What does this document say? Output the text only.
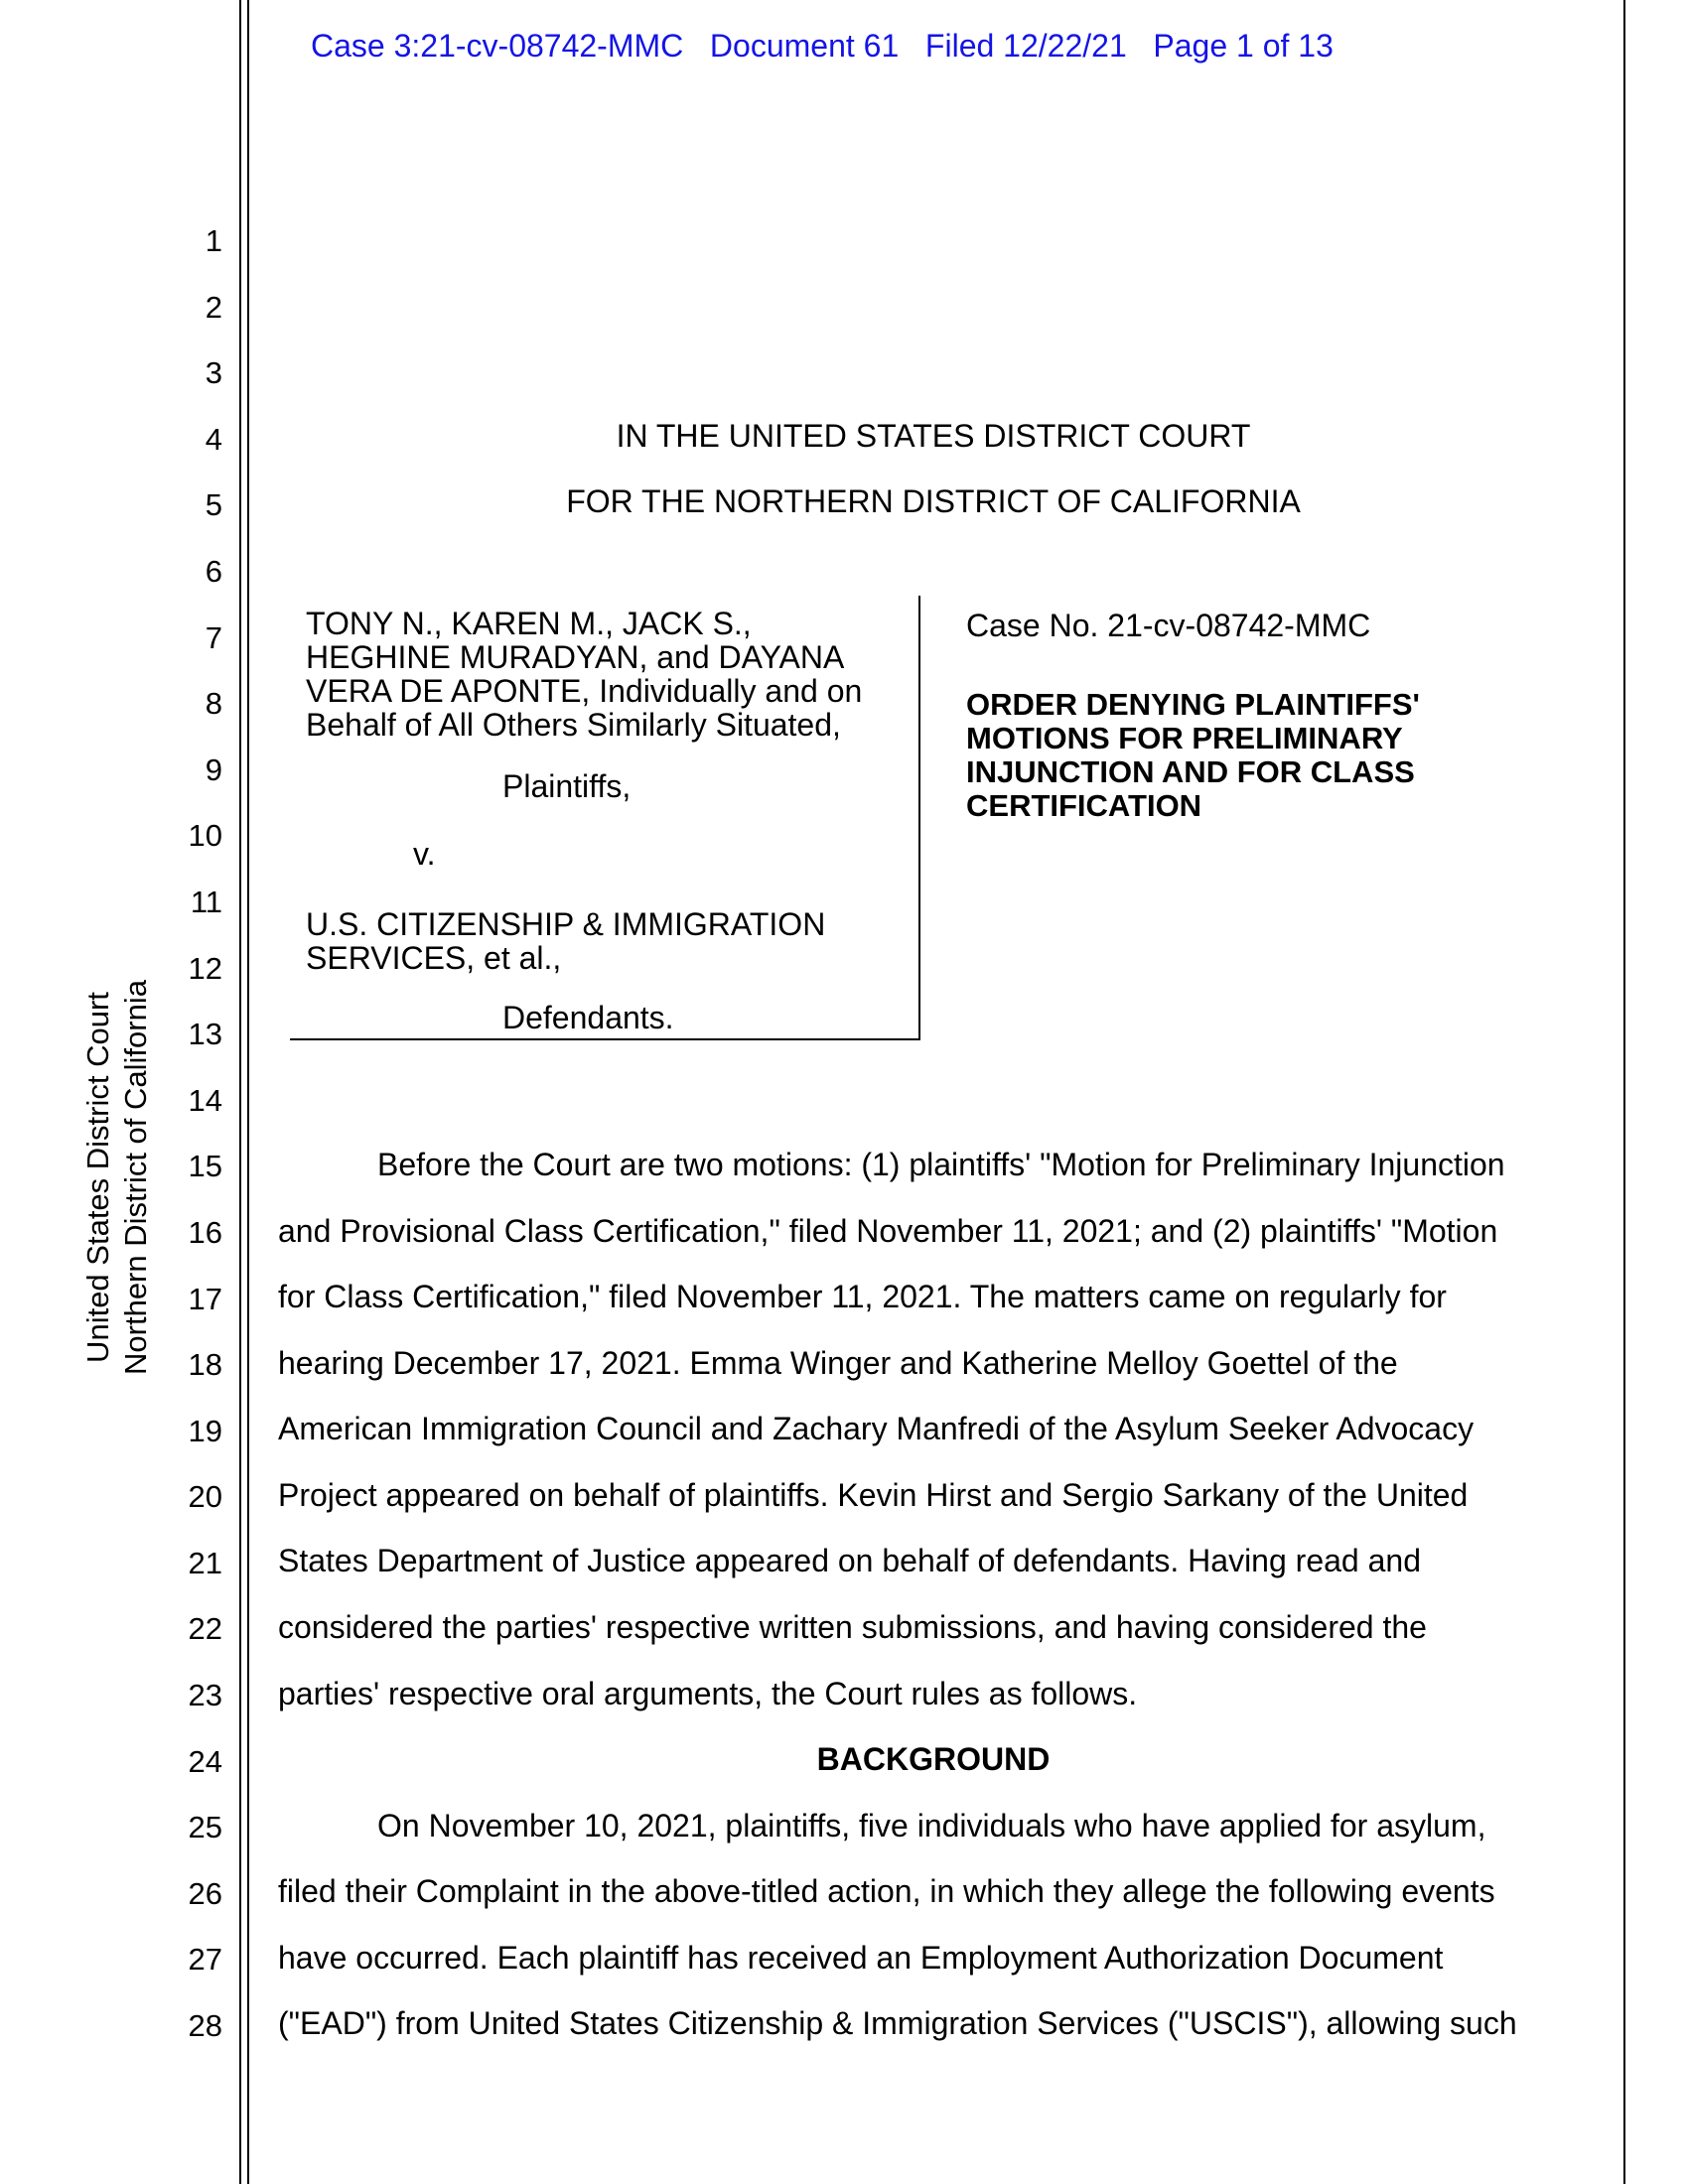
Case 3:21-cv-08742-MMC   Document 61   Filed 12/22/21   Page 1 of 13
1
2
3
4
5
6
7
8
9
10
11
12
13
14
15
16
17
18
19
20
21
22
23
24
25
26
27
28
United States District Court Northern District of California
IN THE UNITED STATES DISTRICT COURT
FOR THE NORTHERN DISTRICT OF CALIFORNIA
TONY N., KAREN M., JACK S.,
HEGHINE MURADYAN, and DAYANA
VERA DE APONTE, Individually and on
Behalf of All Others Similarly Situated,
Plaintiffs,
v.
U.S. CITIZENSHIP & IMMIGRATION
SERVICES, et al.,
Defendants.
Case No. 21-cv-08742-MMC
ORDER DENYING PLAINTIFFS'
MOTIONS FOR PRELIMINARY
INJUNCTION AND FOR CLASS
CERTIFICATION
Before the Court are two motions: (1) plaintiffs' "Motion for Preliminary Injunction
and Provisional Class Certification," filed November 11, 2021; and (2) plaintiffs' "Motion
for Class Certification," filed November 11, 2021. The matters came on regularly for
hearing December 17, 2021. Emma Winger and Katherine Melloy Goettel of the
American Immigration Council and Zachary Manfredi of the Asylum Seeker Advocacy
Project appeared on behalf of plaintiffs. Kevin Hirst and Sergio Sarkany of the United
States Department of Justice appeared on behalf of defendants. Having read and
considered the parties' respective written submissions, and having considered the
parties' respective oral arguments, the Court rules as follows.
BACKGROUND
On November 10, 2021, plaintiffs, five individuals who have applied for asylum,
filed their Complaint in the above-titled action, in which they allege the following events
have occurred. Each plaintiff has received an Employment Authorization Document
("EAD") from United States Citizenship & Immigration Services ("USCIS"), allowing such
